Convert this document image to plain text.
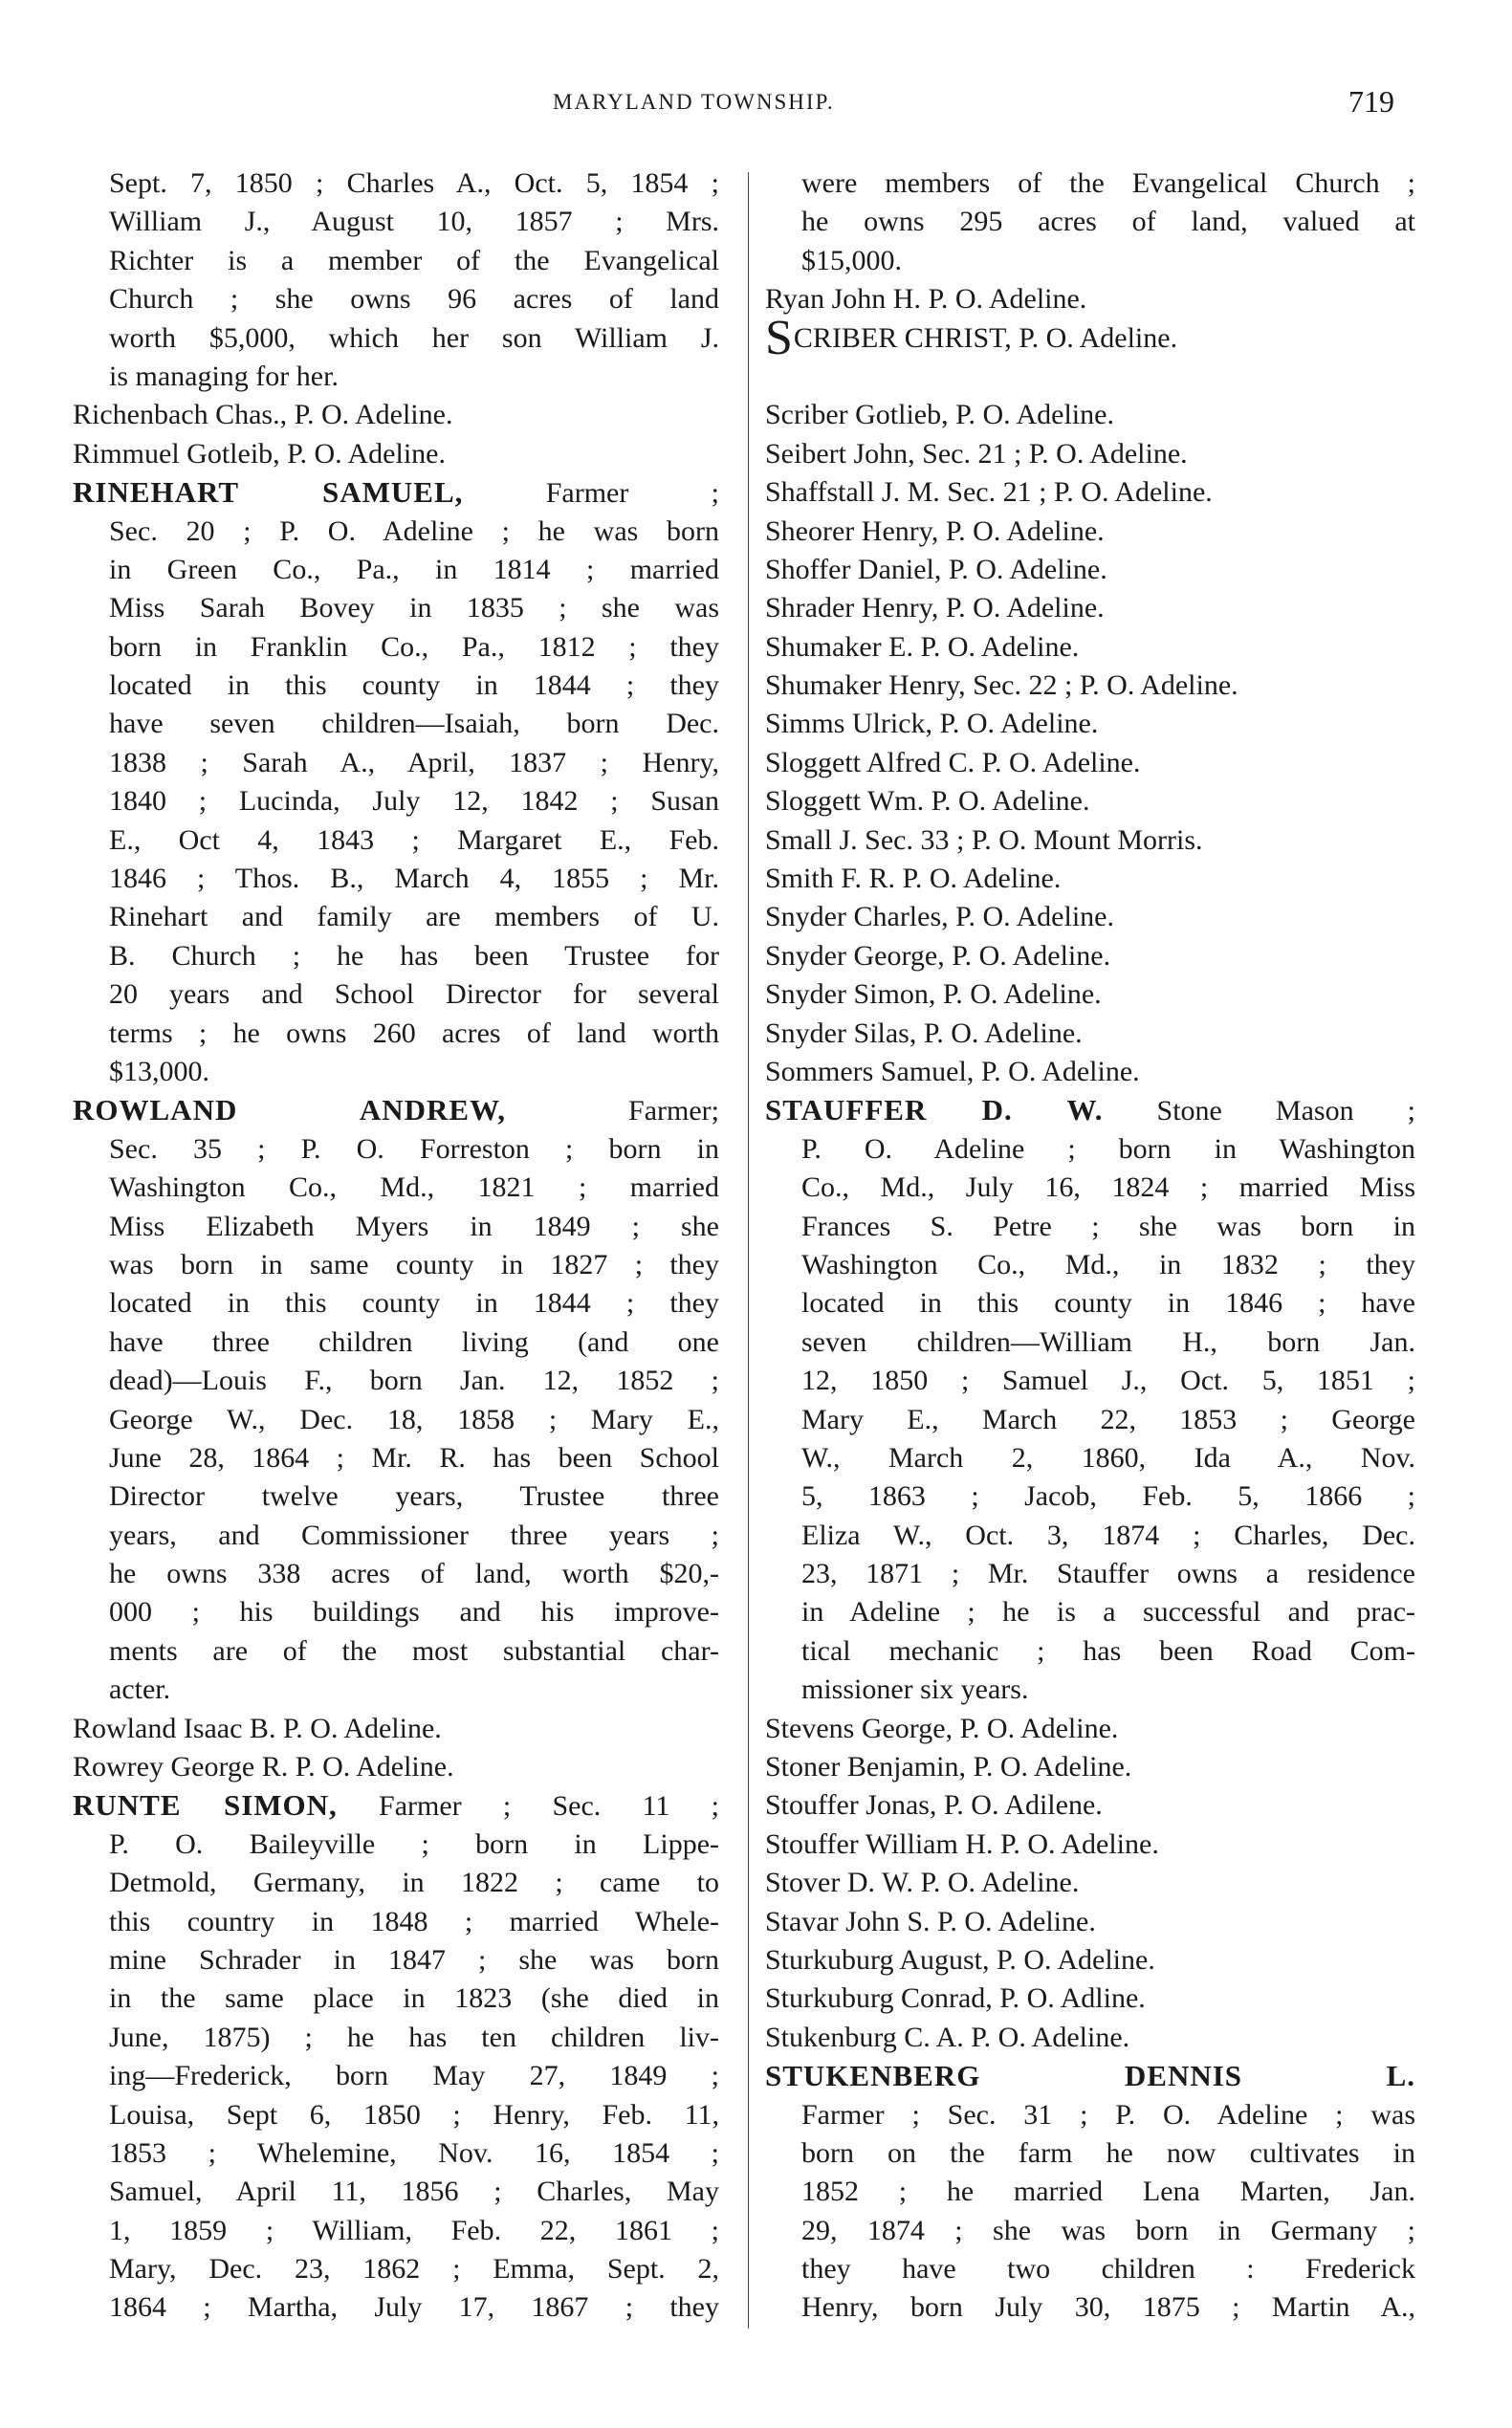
MARYLAND TOWNSHIP.	719
Sept. 7, 1850 ; Charles A., Oct. 5, 1854 ;
William J., August 10, 1857 ; Mrs.
Richter is a member of the Evangelical
Church ; she owns 96 acres of land
worth $5,000, which her son William J.
is managing for her.
Richenbach Chas., P. O. Adeline.
Rimmuel Gotleib, P. O. Adeline.
RINEHART SAMUEL, Farmer ;
Sec. 20 ; P. O. Adeline ; he was born
in Green Co., Pa., in 1814 ; married
Miss Sarah Bovey in 1835 ; she was
born in Franklin Co., Pa., 1812 ; they
located in this county in 1844 ; they
have seven children—Isaiah, born Dec.
1838 ; Sarah A., April, 1837 ; Henry,
1840 ; Lucinda, July 12, 1842 ; Susan
E., Oct 4, 1843 ; Margaret E., Feb.
1846 ; Thos. B., March 4, 1855 ; Mr.
Rinehart and family are members of U.
B. Church ; he has been Trustee for
20 years and School Director for several
terms ; he owns 260 acres of land worth
$13,000.
ROWLAND ANDREW, Farmer;
Sec. 35 ; P. O. Forreston ; born in
Washington Co., Md., 1821 ; married
Miss Elizabeth Myers in 1849 ; she
was born in same county in 1827 ; they
located in this county in 1844 ; they
have three children living (and one
dead)—Louis F., born Jan. 12, 1852 ;
George W., Dec. 18, 1858 ; Mary E.,
June 28, 1864 ; Mr. R. has been School
Director twelve years, Trustee three
years, and Commissioner three years ;
he owns 338 acres of land, worth $20,-
000 ; his buildings and his improve-
ments are of the most substantial char-
acter.
Rowland Isaac B. P. O. Adeline.
Rowrey George R. P. O. Adeline.
RUNTE SIMON, Farmer ; Sec. 11 ;
P. O. Baileyville ; born in Lippe-
Detmold, Germany, in 1822 ; came to
this country in 1848 ; married Whele-
mine Schrader in 1847 ; she was born
in the same place in 1823 (she died in
June, 1875) ; he has ten children liv-
ing—Frederick, born May 27, 1849 ;
Louisa, Sept 6, 1850 ; Henry, Feb. 11,
1853 ; Whelemine, Nov. 16, 1854 ;
Samuel, April 11, 1856 ; Charles, May
1, 1859 ; William, Feb. 22, 1861 ;
Mary, Dec. 23, 1862 ; Emma, Sept. 2,
1864 ; Martha, July 17, 1867 ; they
were members of the Evangelical Church ;
he owns 295 acres of land, valued at
$15,000.
Ryan John H. P. O. Adeline.
SCRIBER CHRIST, P. O. Adeline.
Scriber Gotlieb, P. O. Adeline.
Seibert John, Sec. 21 ; P. O. Adeline.
Shaffstall J. M. Sec. 21 ; P. O. Adeline.
Sheorer Henry, P. O. Adeline.
Shoffer Daniel, P. O. Adeline.
Shrader Henry, P. O. Adeline.
Shumaker E. P. O. Adeline.
Shumaker Henry, Sec. 22 ; P. O. Adeline.
Simms Ulrick, P. O. Adeline.
Sloggett Alfred C. P. O. Adeline.
Sloggett Wm. P. O. Adeline.
Small J. Sec. 33 ; P. O. Mount Morris.
Smith F. R. P. O. Adeline.
Snyder Charles, P. O. Adeline.
Snyder George, P. O. Adeline.
Snyder Simon, P. O. Adeline.
Snyder Silas, P. O. Adeline.
Sommers Samuel, P. O. Adeline.
STAUFFER D. W. Stone Mason ;
P. O. Adeline ; born in Washington
Co., Md., July 16, 1824 ; married Miss
Frances S. Petre ; she was born in
Washington Co., Md., in 1832 ; they
located in this county in 1846 ; have
seven children—William H., born Jan.
12, 1850 ; Samuel J., Oct. 5, 1851 ;
Mary E., March 22, 1853 ; George
W., March 2, 1860, Ida A., Nov.
5, 1863 ; Jacob, Feb. 5, 1866 ;
Eliza W., Oct. 3, 1874 ; Charles, Dec.
23, 1871 ; Mr. Stauffer owns a residence
in Adeline ; he is a successful and prac-
tical mechanic ; has been Road Com-
missioner six years.
Stevens George, P. O. Adeline.
Stoner Benjamin, P. O. Adeline.
Stouffer Jonas, P. O. Adilene.
Stouffer William H. P. O. Adeline.
Stover D. W. P. O. Adeline.
Stavar John S. P. O. Adeline.
Sturkuburg August, P. O. Adeline.
Sturkuburg Conrad, P. O. Adline.
Stukenburg C. A. P. O. Adeline.
STUKENBERG DENNIS L.
Farmer ; Sec. 31 ; P. O. Adeline ; was
born on the farm he now cultivates in
1852 ; he married Lena Marten, Jan.
29, 1874 ; she was born in Germany ;
they have two children : Frederick
Henry, born July 30, 1875 ; Martin A.,
